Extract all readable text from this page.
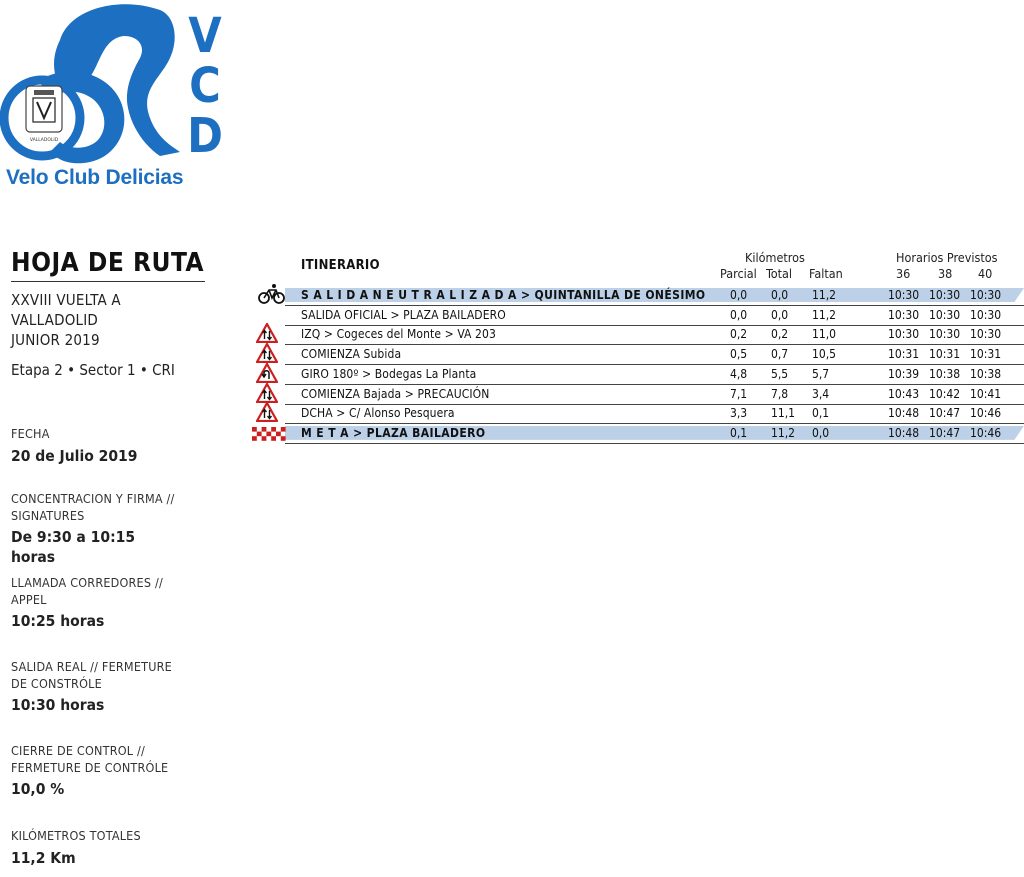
VALLADOLID
V
C
D
Velo Club Delicias
HOJA DE RUTA
XXVIII VUELTA A VALLADOLID
JUNIOR 2019
Etapa 2 • Sector 1 • CRI
FECHA
20 de Julio 2019
CONCENTRACION Y FIRMA // SIGNATURES
De 9:30 a 10:15 horas
LLAMADA CORREDORES // APPEL
10:25 horas
SALIDA REAL // FERMETURE DE CONSTRÓLE
10:30 horas
CIERRE DE CONTROL // FERMETURE DE CONTRÓLE
10,0 %
KILÓMETROS TOTALES
11,2 Km
ITINERARIO
Kilómetros	Horarios Previstos
Parcial Total Faltan	36 38 40
S A L I D A N E U T R A L I Z A D A > QUINTANILLA DE ONÉSIMO 0,0 0,0 11,2	10:30 10:30 10:30
SALIDA OFICIAL > PLAZA BAILADERO	0,0 0,0 11,2	10:30 10:30 10:30
IZQ > Cogeces del Monte > VA 203	0,2 0,2 11,0	10:30 10:30 10:30
COMIENZA Subida	0,5 0,7 10,5	10:31 10:31 10:31
GIRO 180º > Bodegas La Planta	4,8 5,5 5,7	10:39 10:38 10:38
COMIENZA Bajada > PRECAUCIÓN	7,1 7,8 3,4	10:43 10:42 10:41
DCHA > C/ Alonso Pesquera	3,3 11,1 0,1	10:48 10:47 10:46
M E T A > PLAZA BAILADERO	0,1 11,2 0,0	10:48 10:47 10:46
